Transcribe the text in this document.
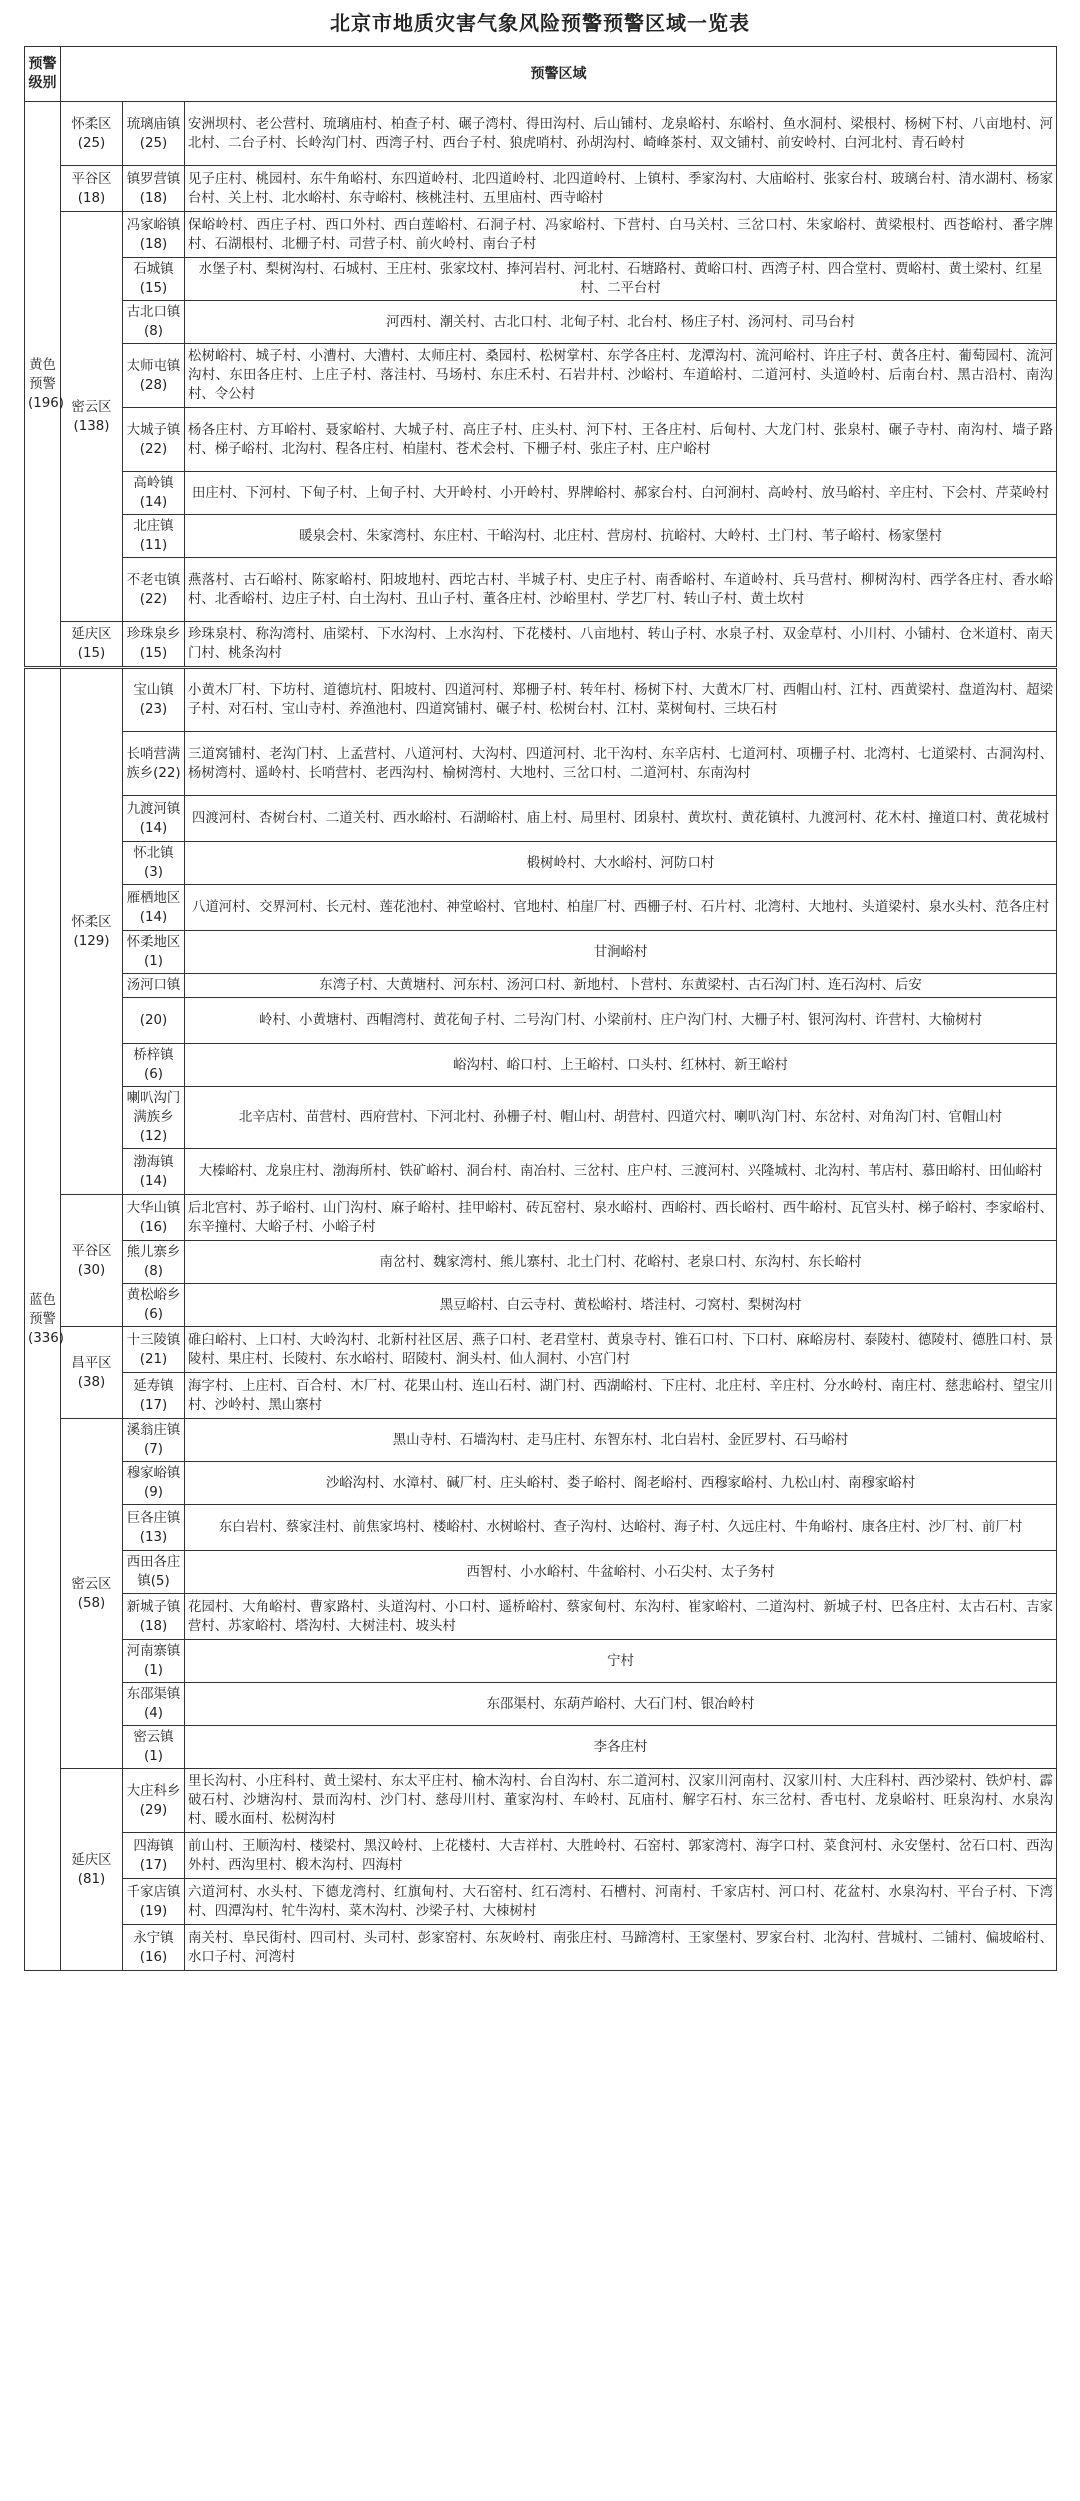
北京市地质灾害气象风险预警预警区域一览表
预警级别	预警区域		
黄色预警(196)	怀柔区(25)	琉璃庙镇(25)	安洲坝村、老公营村、琉璃庙村、柏查子村、碾子湾村、得田沟村、后山铺村、龙泉峪村、东峪村、鱼水洞村、梁根村、杨树下村、八亩地村、河北村、二台子村、长岭沟门村、西湾子村、西台子村、狼虎哨村、孙胡沟村、崎峰茶村、双文铺村、前安岭村、白河北村、青石岭村
	平谷区(18)	镇罗营镇(18)	见子庄村、桃园村、东牛角峪村、东四道岭村、北四道岭村、北四道岭村、上镇村、季家沟村、大庙峪村、张家台村、玻璃台村、清水湖村、杨家台村、关上村、北水峪村、东寺峪村、核桃洼村、五里庙村、西寺峪村
	密云区(138)	冯家峪镇(18)	保峪岭村、西庄子村、西口外村、西白莲峪村、石洞子村、冯家峪村、下营村、白马关村、三岔口村、朱家峪村、黄梁根村、西苍峪村、番字牌村、石湖根村、北栅子村、司营子村、前火岭村、南台子村
		石城镇(15)	水堡子村、梨树沟村、石城村、王庄村、张家坟村、捧河岩村、河北村、石塘路村、黄峪口村、西湾子村、四合堂村、贾峪村、黄土梁村、红星村、二平台村
		古北口镇(8)	河西村、潮关村、古北口村、北甸子村、北台村、杨庄子村、汤河村、司马台村
		太师屯镇(28)	松树峪村、城子村、小漕村、大漕村、太师庄村、桑园村、松树掌村、东学各庄村、龙潭沟村、流河峪村、许庄子村、黄各庄村、葡萄园村、流河沟村、东田各庄村、上庄子村、落洼村、马场村、东庄禾村、石岩井村、沙峪村、车道峪村、二道河村、头道岭村、后南台村、黑古沿村、南沟村、令公村
		大城子镇(22)	杨各庄村、方耳峪村、聂家峪村、大城子村、高庄子村、庄头村、河下村、王各庄村、后甸村、大龙门村、张泉村、碾子寺村、南沟村、墙子路村、梯子峪村、北沟村、程各庄村、柏崖村、苍术会村、下栅子村、张庄子村、庄户峪村
		高岭镇(14)	田庄村、下河村、下甸子村、上甸子村、大开岭村、小开岭村、界牌峪村、郝家台村、白河涧村、高岭村、放马峪村、辛庄村、下会村、芹菜岭村
		北庄镇(11)	暖泉会村、朱家湾村、东庄村、干峪沟村、北庄村、营房村、抗峪村、大岭村、土门村、苇子峪村、杨家堡村
		不老屯镇(22)	燕落村、古石峪村、陈家峪村、阳坡地村、西坨古村、半城子村、史庄子村、南香峪村、车道岭村、兵马营村、柳树沟村、西学各庄村、香水峪村、北香峪村、边庄子村、白土沟村、丑山子村、董各庄村、沙峪里村、学艺厂村、转山子村、黄土坎村
	延庆区(15)	珍珠泉乡(15)	珍珠泉村、称沟湾村、庙梁村、下水沟村、上水沟村、下花楼村、八亩地村、转山子村、水泉子村、双金草村、小川村、小铺村、仓米道村、南天门村、桃条沟村
蓝色预警(336)	怀柔区(129)	宝山镇(23)	小黄木厂村、下坊村、道德坑村、阳坡村、四道河村、郑栅子村、转年村、杨树下村、大黄木厂村、西帽山村、江村、西黄梁村、盘道沟村、超梁子村、对石村、宝山寺村、养渔池村、四道窝铺村、碾子村、松树台村、江村、菜树甸村、三块石村
		长哨营满族乡(22)	三道窝铺村、老沟门村、上孟营村、八道河村、大沟村、四道河村、北干沟村、东辛店村、七道河村、项栅子村、北湾村、七道梁村、古洞沟村、杨树湾村、遥岭村、长哨营村、老西沟村、榆树湾村、大地村、三岔口村、二道河村、东南沟村
		九渡河镇(14)	四渡河村、杏树台村、二道关村、西水峪村、石湖峪村、庙上村、局里村、团泉村、黄坎村、黄花镇村、九渡河村、花木村、撞道口村、黄花城村
		怀北镇(3)	椴树岭村、大水峪村、河防口村
		雁栖地区(14)	八道河村、交界河村、长元村、莲花池村、神堂峪村、官地村、柏崖厂村、西栅子村、石片村、北湾村、大地村、头道梁村、泉水头村、范各庄村
		怀柔地区(1)	甘涧峪村
		汤河口镇	东湾子村、大黄塘村、河东村、汤河口村、新地村、卜营村、东黄梁村、古石沟门村、连石沟村、后安
		(20)	岭村、小黄塘村、西帽湾村、黄花甸子村、二号沟门村、小梁前村、庄户沟门村、大栅子村、银河沟村、许营村、大榆树村
		桥梓镇(6)	峪沟村、峪口村、上王峪村、口头村、红林村、新王峪村
		喇叭沟门满族乡(12)	北辛店村、苗营村、西府营村、下河北村、孙栅子村、帽山村、胡营村、四道穴村、喇叭沟门村、东岔村、对角沟门村、官帽山村
		渤海镇(14)	大榛峪村、龙泉庄村、渤海所村、铁矿峪村、洞台村、南冶村、三岔村、庄户村、三渡河村、兴隆城村、北沟村、苇店村、慕田峪村、田仙峪村
	平谷区(30)	大华山镇(16)	后北宫村、苏子峪村、山门沟村、麻子峪村、挂甲峪村、砖瓦窑村、泉水峪村、西峪村、西长峪村、西牛峪村、瓦官头村、梯子峪村、李家峪村、东辛撞村、大峪子村、小峪子村
		熊儿寨乡(8)	南岔村、魏家湾村、熊儿寨村、北土门村、花峪村、老泉口村、东沟村、东长峪村
		黄松峪乡(6)	黑豆峪村、白云寺村、黄松峪村、塔洼村、刁窝村、梨树沟村
	昌平区(38)	十三陵镇(21)	碓臼峪村、上口村、大岭沟村、北新村社区居、燕子口村、老君堂村、黄泉寺村、锥石口村、下口村、麻峪房村、泰陵村、德陵村、德胜口村、景陵村、果庄村、长陵村、东水峪村、昭陵村、涧头村、仙人洞村、小宫门村
		延寿镇(17)	海字村、上庄村、百合村、木厂村、花果山村、连山石村、湖门村、西湖峪村、下庄村、北庄村、辛庄村、分水岭村、南庄村、慈悲峪村、望宝川村、沙岭村、黑山寨村
	密云区(58)	溪翁庄镇(7)	黑山寺村、石墙沟村、走马庄村、东智东村、北白岩村、金匠罗村、石马峪村
		穆家峪镇(9)	沙峪沟村、水漳村、碱厂村、庄头峪村、娄子峪村、阁老峪村、西穆家峪村、九松山村、南穆家峪村
		巨各庄镇(13)	东白岩村、蔡家洼村、前焦家坞村、楼峪村、水树峪村、查子沟村、达峪村、海子村、久远庄村、牛角峪村、康各庄村、沙厂村、前厂村
		西田各庄镇(5)	西智村、小水峪村、牛盆峪村、小石尖村、太子务村
		新城子镇(18)	花园村、大角峪村、曹家路村、头道沟村、小口村、遥桥峪村、蔡家甸村、东沟村、崔家峪村、二道沟村、新城子村、巴各庄村、太古石村、吉家营村、苏家峪村、塔沟村、大树洼村、坡头村
		河南寨镇(1)	宁村
		东邵渠镇(4)	东邵渠村、东葫芦峪村、大石门村、银冶岭村
		密云镇(1)	李各庄村
	延庆区(81)	大庄科乡(29)	里长沟村、小庄科村、黄土梁村、东太平庄村、榆木沟村、台自沟村、东二道河村、汉家川河南村、汉家川村、大庄科村、西沙梁村、铁炉村、霹破石村、沙塘沟村、景而沟村、沙门村、慈母川村、董家沟村、车岭村、瓦庙村、解字石村、东三岔村、香屯村、龙泉峪村、旺泉沟村、水泉沟村、暖水面村、松树沟村
		四海镇(17)	前山村、王顺沟村、楼梁村、黑汉岭村、上花楼村、大吉祥村、大胜岭村、石窑村、郭家湾村、海字口村、菜食河村、永安堡村、岔石口村、西沟外村、西沟里村、椴木沟村、四海村
		千家店镇(19)	六道河村、水头村、下德龙湾村、红旗甸村、大石窑村、红石湾村、石槽村、河南村、千家店村、河口村、花盆村、水泉沟村、平台子村、下湾村、四潭沟村、牤牛沟村、菜木沟村、沙梁子村、大栜树村
		永宁镇(16)	南关村、阜民街村、四司村、头司村、彭家窑村、东灰岭村、南张庄村、马蹄湾村、王家堡村、罗家台村、北沟村、营城村、二铺村、偏坡峪村、水口子村、河湾村
